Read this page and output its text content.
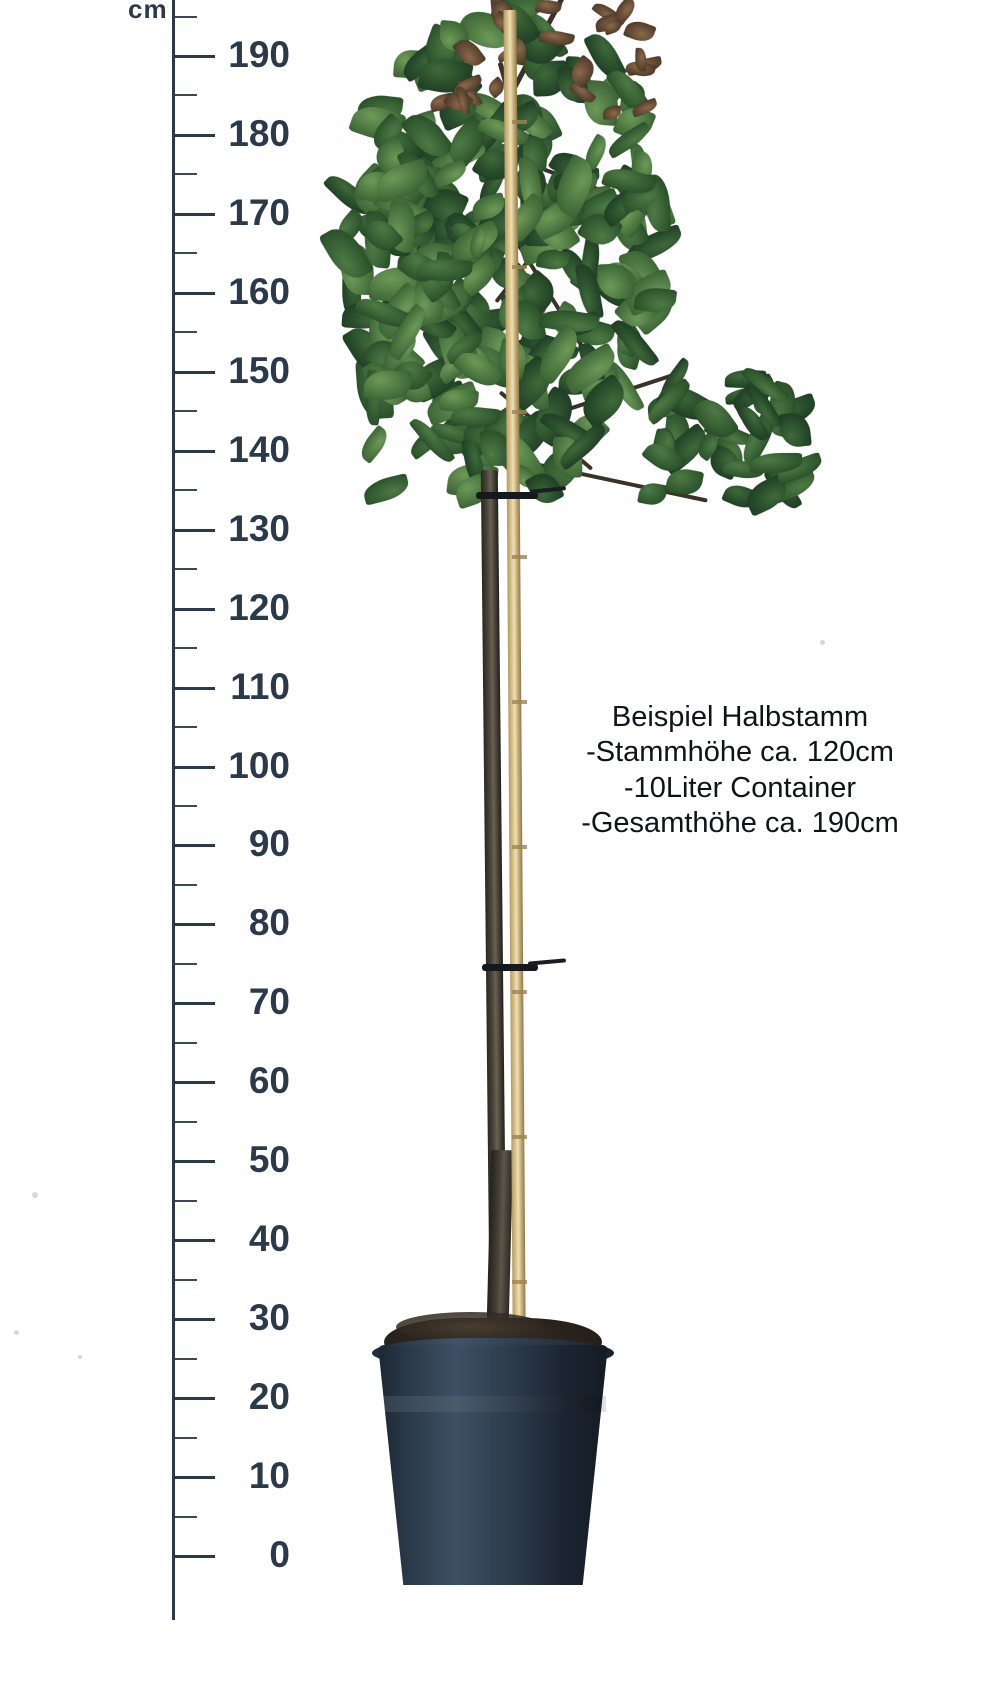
cm
190
180
170
160
150
140
130
120
110
100
90
80
70
60
50
40
30
20
10
0
Beispiel Halbstamm
-Stammhöhe ca. 120cm
-10Liter Container
-Gesamthöhe ca. 190cm
